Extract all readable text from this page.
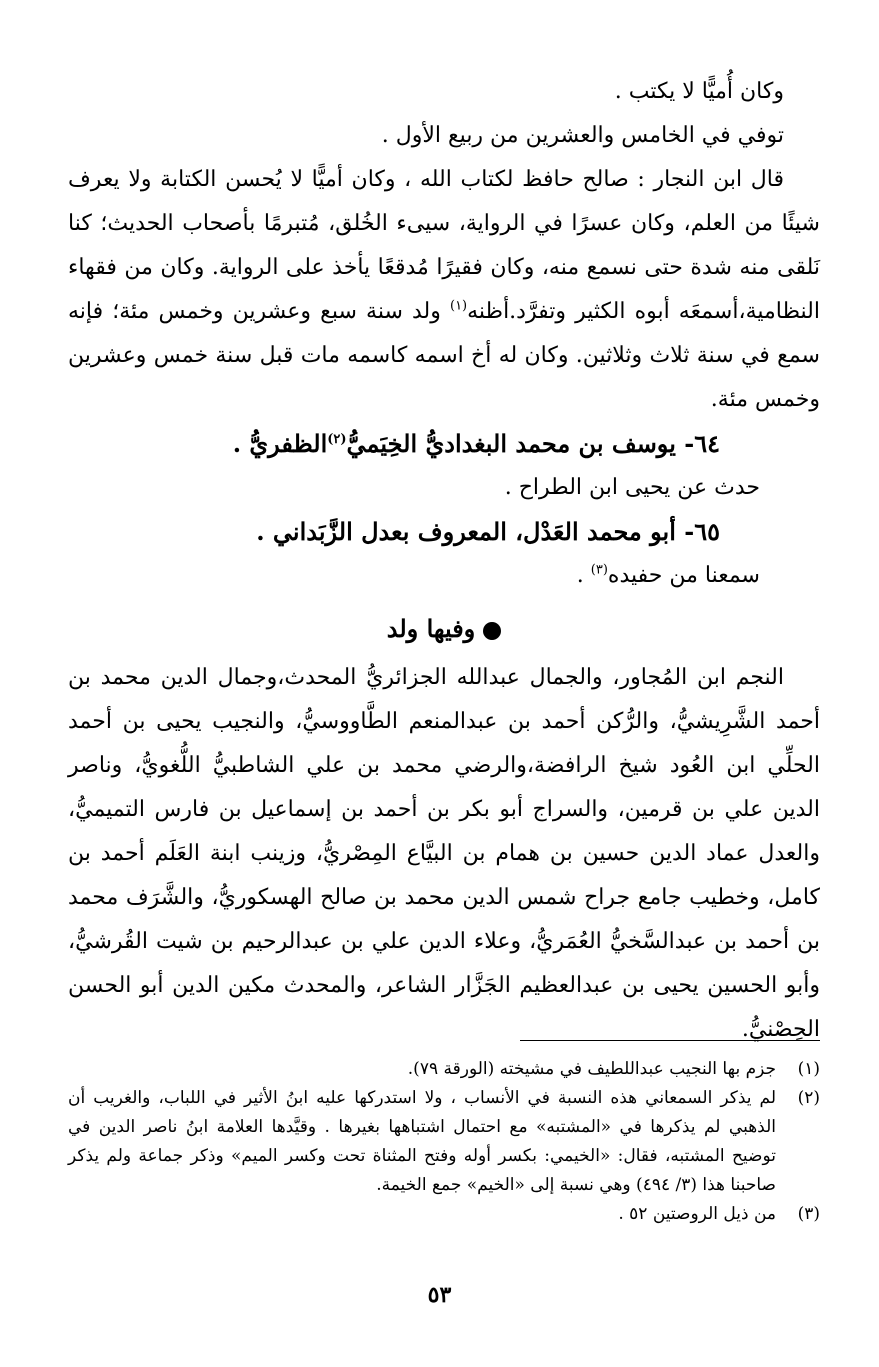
وكان أُميًّا لا يكتب .

توفي في الخامس والعشرين من ربيع الأول .

قال ابن النجار : صالح حافظ لكتاب الله ، وكان أميًّا لا يُحسن الكتابة ولا يعرف شيئًا من العلم، وكان عسرًا في الرواية، سيىء الخُلق، مُتبرمًا بأصحاب الحديث؛ كنا نَلقى منه شدة حتى نسمع منه، وكان فقيرًا مُدقعًا يأخذ على الرواية. وكان من فقهاء النظامية،أسمعَه أبوه الكثير وتفرَّد.أظنه$^{(١)}$ ولد سنة سبع وعشرين وخمس مئة؛ فإنه سمع في سنة ثلاث وثلاثين. وكان له أخ اسمه كاسمه مات قبل سنة خمس وعشرين وخمس مئة.

٦٤- يوسف بن محمد البغداديُّ الخِيَميُّ$^{(٢)}$الظفريُّ .

حدث عن يحيى ابن الطراح .

٦٥- أبو محمد العَدْل، المعروف بعدل الزَّبَداني .

سمعنا من حفيده$^{(٣)}$ .

وفيها ولد

النجم ابن المُجاور، والجمال عبدالله الجزائريُّ المحدث،وجمال الدين محمد بن أحمد الشَّرِيشيُّ، والرُّكن أحمد بن عبدالمنعم الطَّاووسيُّ، والنجيب يحيى بن أحمد الحلِّي ابن العُود شيخ الرافضة،والرضي محمد بن علي الشاطبيُّ اللُّغويُّ، وناصر الدين علي بن قرمين، والسراج أبو بكر بن أحمد بن إسماعيل بن فارس التميميُّ، والعدل عماد الدين حسين بن همام بن البيَّاع المِصْريُّ، وزينب ابنة العَلَم أحمد بن كامل، وخطيب جامع جراح شمس الدين محمد بن صالح الهسكوريُّ، والشَّرَف محمد بن أحمد بن عبدالسَّخيُّ العُمَريُّ، وعلاء الدين علي بن عبدالرحيم بن شيت القُرشيُّ، وأبو الحسين يحيى بن عبدالعظيم الجَزَّار الشاعر، والمحدث مكين الدين أبو الحسن الحِصْنيُّ.

(١)
جزم بها النجيب عبداللطيف في مشيخته (الورقة ٧٩).
(٢)
لم يذكر السمعاني هذه النسبة في الأنساب ، ولا استدركها عليه ابنُ الأثير في اللباب، والغريب أن الذهبي لم يذكرها في «المشتبه» مع احتمال اشتباهها بغيرها . وقيَّدها العلامة ابنُ ناصر الدين في توضيح المشتبه، فقال: «الخيمي: بكسر أوله وفتح المثناة تحت وكسر الميم» وذكر جماعة ولم يذكر صاحبنا هذا (٣/ ٤٩٤) وهي نسبة إلى «الخيم» جمع الخيمة.
(٣)
من ذيل الروصتين ٥٢ .
٥٣
